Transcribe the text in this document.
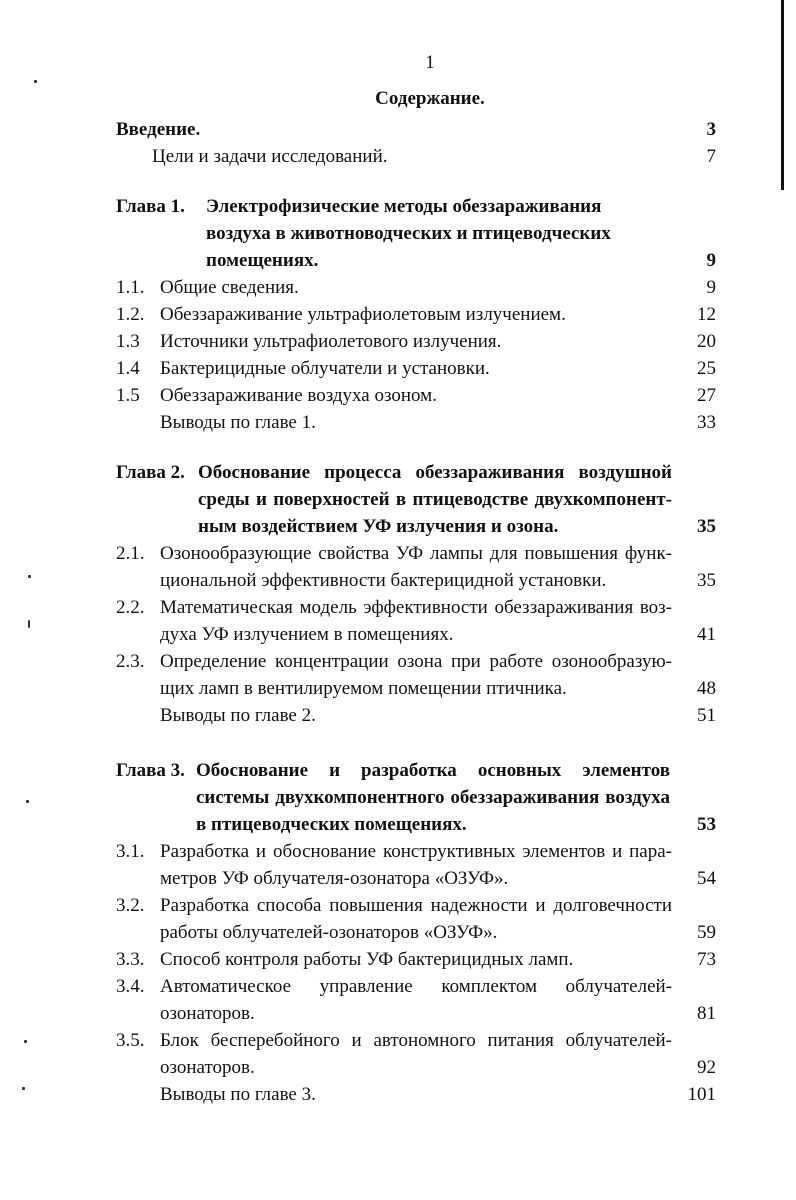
1
Содержание.
Введение.	3
Цели и задачи исследований.	7
Глава 1. Электрофизические методы обеззараживания
воздуха в животноводческих и птицеводческих
помещениях.	9
1.1. Общие сведения.	9
1.2. Обеззараживание ультрафиолетовым излучением.	12
1.3 Источники ультрафиолетового излучения.	20
1.4 Бактерицидные облучатели и установки.	25
1.5 Обеззараживание воздуха озоном.	27
Выводы по главе 1.	33
Глава 2. Обоснование процесса обеззараживания воздушной
среды и поверхностей в птицеводстве двухкомпонент-
ным воздействием УФ излучения и озона.	35
2.1. Озонообразующие свойства УФ лампы для повышения функ-
циональной эффективности бактерицидной установки.	35
2.2. Математическая модель эффективности обеззараживания воз-
духа УФ излучением в помещениях.	41
2.3. Определение концентрации озона при работе озонообразую-
щих ламп в вентилируемом помещении птичника.	48
Выводы по главе 2.	51
Глава 3. Обоснование и разработка основных элементов
системы двухкомпонентного обеззараживания воздуха
в птицеводческих помещениях.	53
3.1. Разработка и обоснование конструктивных элементов и пара-
метров УФ облучателя-озонатора «ОЗУФ».	54
3.2. Разработка способа повышения надежности и долговечности
работы облучателей-озонаторов «ОЗУФ».	59
3.3. Способ контроля работы УФ бактерицидных ламп.	73
3.4. Автоматическое управление комплектом облучателей-
озонаторов.	81
3.5. Блок бесперебойного и автономного питания облучателей-
озонаторов.	92
Выводы по главе 3.	101
